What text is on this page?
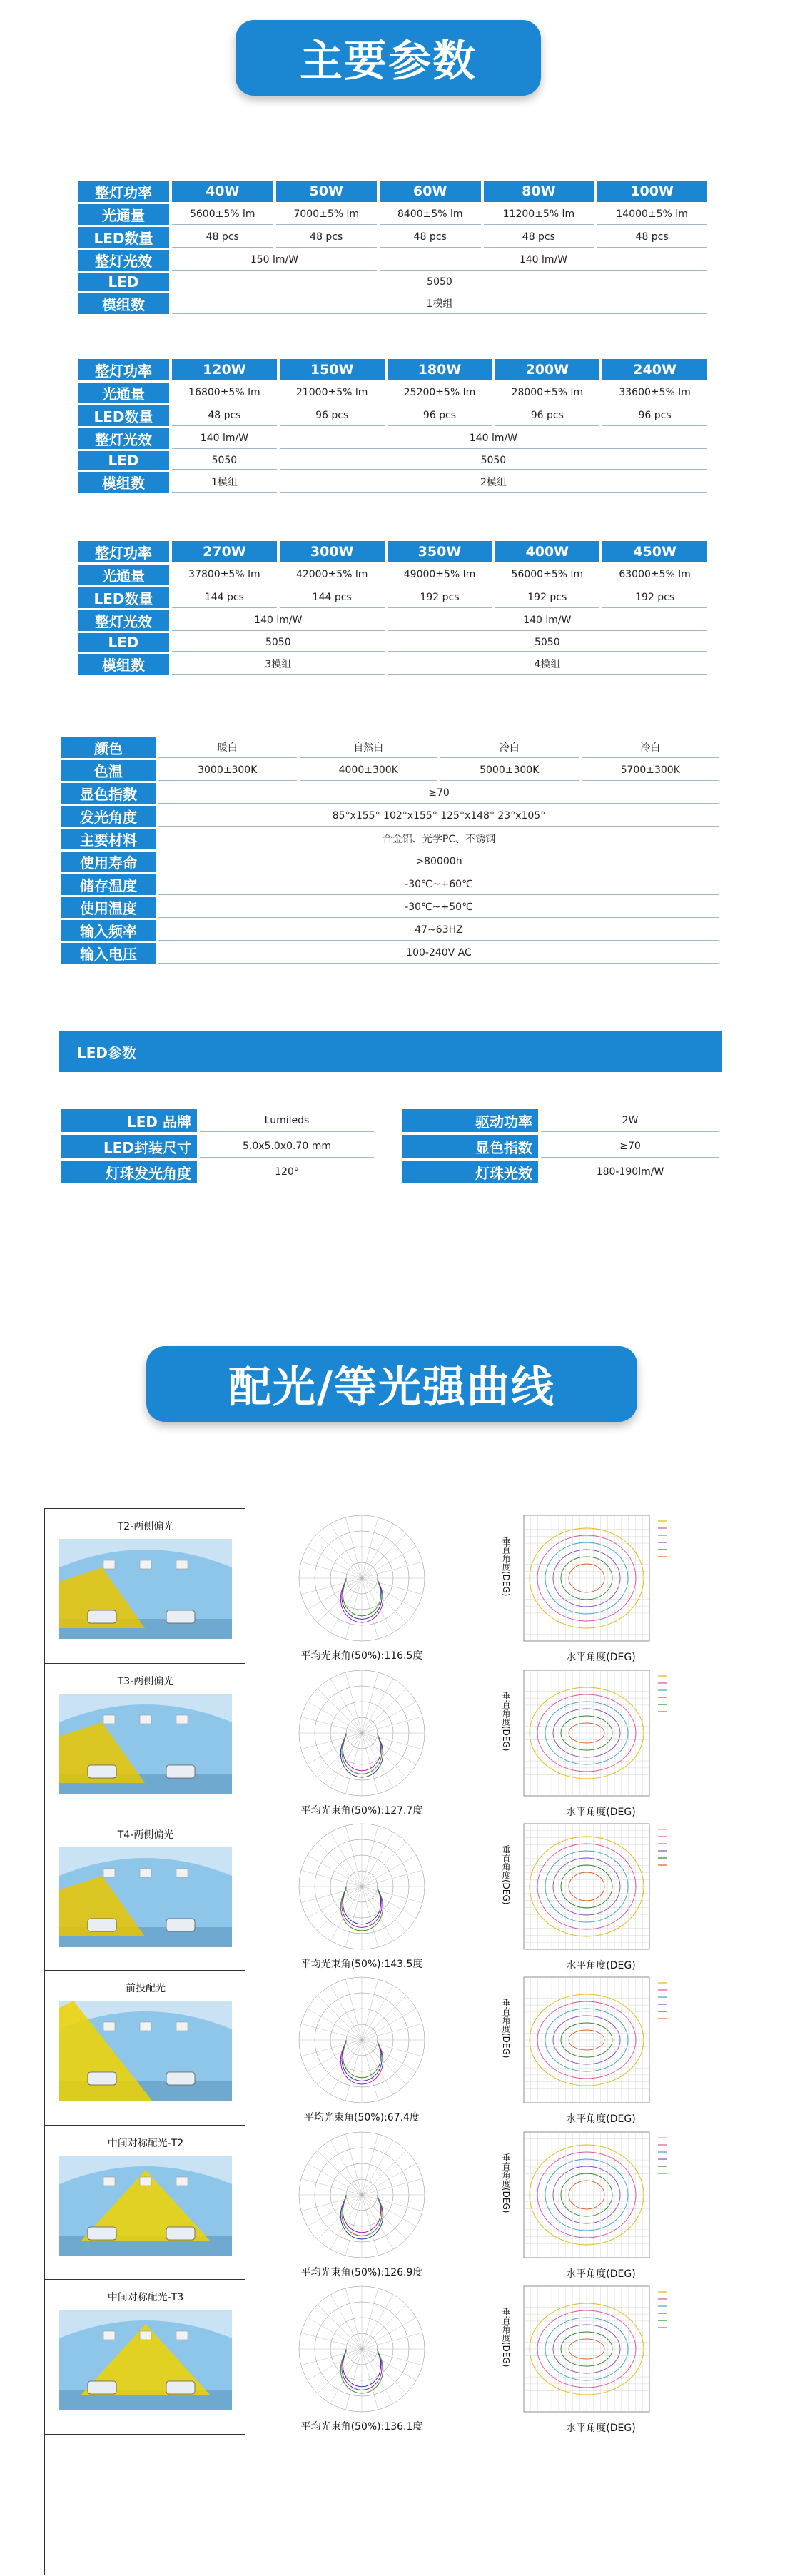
主要参数
整灯功率	40W	50W	60W	80W	100W
光通量	5600±5% lm	7000±5% lm	8400±5% lm	11200±5% lm	14000±5% lm
LED数量	48 pcs	48 pcs	48 pcs	48 pcs	48 pcs
整灯光效	150 lm/W		140 lm/W		
LED	5050				
模组数	1模组				
整灯功率	120W	150W	180W	200W	240W
光通量	16800±5% lm	21000±5% lm	25200±5% lm	28000±5% lm	33600±5% lm
LED数量	48 pcs	96 pcs	96 pcs	96 pcs	96 pcs
整灯光效	140 lm/W	140 lm/W			
LED	5050	5050			
模组数	1模组	2模组			
整灯功率	270W	300W	350W	400W	450W
光通量	37800±5% lm	42000±5% lm	49000±5% lm	56000±5% lm	63000±5% lm
LED数量	144 pcs	144 pcs	192 pcs	192 pcs	192 pcs
整灯光效	140 lm/W		140 lm/W		
LED	5050		5050		
模组数	3模组		4模组		
颜色	暖白	自然白	冷白	冷白
色温	3000±300K	4000±300K	5000±300K	5700±300K
显色指数	≥70			
发光角度	85°x155° 102°x155° 125°x148° 23°x105°			
主要材料	合金铝、光学PC、不锈钢			
使用寿命	>80000h			
储存温度	-30℃~+60℃			
使用温度	-30℃~+50℃			
输入频率	47~63HZ			
输入电压	100-240V AC			
LED参数
LED 品牌	Lumileds
LED封装尺寸	5.0x5.0x0.70 mm
灯珠发光角度	120°
驱动功率	2W
显色指数	≥70
灯珠光效	180-190lm/W
配光/等光强曲线
T2-两侧偏光
平均光束角(50%):116.5度
垂直角度(DEG)
水平角度(DEG)
T3-两侧偏光
平均光束角(50%):127.7度
垂直角度(DEG)
水平角度(DEG)
T4-两侧偏光
平均光束角(50%):143.5度
垂直角度(DEG)
水平角度(DEG)
前投配光
平均光束角(50%):67.4度
垂直角度(DEG)
水平角度(DEG)
中间对称配光-T2
平均光束角(50%):126.9度
垂直角度(DEG)
水平角度(DEG)
中间对称配光-T3
平均光束角(50%):136.1度
垂直角度(DEG)
水平角度(DEG)
